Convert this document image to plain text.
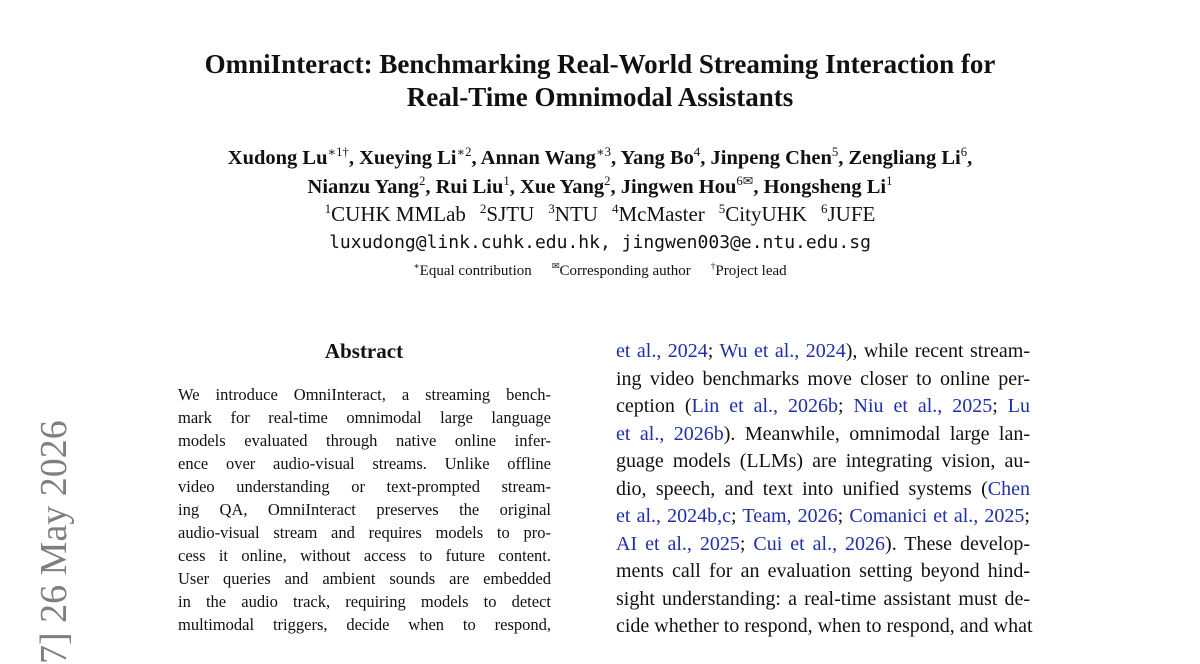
OmniInteract: Benchmarking Real-World Streaming Interaction for
Real-Time Omnimodal Assistants
Xudong $Lu^{∗1\dagger}$, Xueying $Li^{∗2}$, Annan Wang$^{∗3}$, Yang Bo$^4$, Jinpeng Chen$^5$, Zengliang Li$^6$,
Nianzu Yang$^2$, Rui Liu$^1$, Xue Yang$^2$, Jingwen Hou$^{6✉}$, Hongsheng Li$^1$
$^1$CUHK MMLab $^2$SJTU $^3$NTU $^4$McMaster $^5$CityUHK $^6$JUFE
luxudong@link.cuhk.edu.hk, jingwen003@e.ntu.edu.sg
∗Equal contribution ✉Corresponding author †Project lead
Abstract
We introduce OmniInteract, a streaming bench-
mark for real-time omnimodal large language
models evaluated through native online infer-
ence over audio-visual streams. Unlike offline
video understanding or text-prompted stream-
ing QA, OmniInteract preserves the original
audio-visual stream and requires models to pro-
cess it online, without access to future content.
User queries and ambient sounds are embedded
in the audio track, requiring models to detect
multimodal triggers, decide when to respond,
et al., 2024; Wu et al., 2024), while recent stream-
ing video benchmarks move closer to online per-
ception (Lin et al., 2026b; Niu et al., 2025; Lu
et al., 2026b). Meanwhile, omnimodal large lan-
guage models (LLMs) are integrating vision, au-
dio, speech, and text into unified systems (Chen
et al., 2024b,c; Team, 2026; Comanici et al., 2025;
AI et al., 2025; Cui et al., 2026). These develop-
ments call for an evaluation setting beyond hind-
sight understanding: a real-time assistant must de-
cide whether to respond, when to respond, and what
7] 26 May 2026
